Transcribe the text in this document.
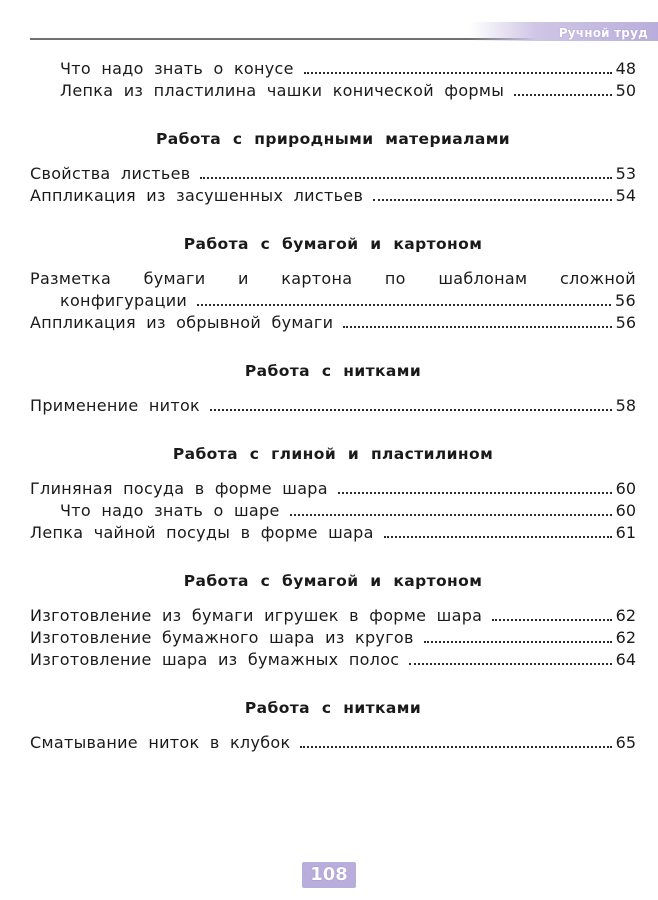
Ручной труд
Что надо знать о конусе	48
Лепка из пластилина чашки конической формы	50
Работа с природными материалами
Свойства листьев	53
Аппликация из засушенных листьев	54
Работа с бумагой и картоном
Разметка бумаги и картона по шаблонам сложной
конфигурации	56
Аппликация из обрывной бумаги	56
Работа с нитками
Применение ниток	58
Работа с глиной и пластилином
Глиняная посуда в форме шара	60
Что надо знать о шаре	60
Лепка чайной посуды в форме шара	61
Работа с бумагой и картоном
Изготовление из бумаги игрушек в форме шара	62
Изготовление бумажного шара из кругов	62
Изготовление шара из бумажных полос	64
Работа с нитками
Сматывание ниток в клубок	65
108
